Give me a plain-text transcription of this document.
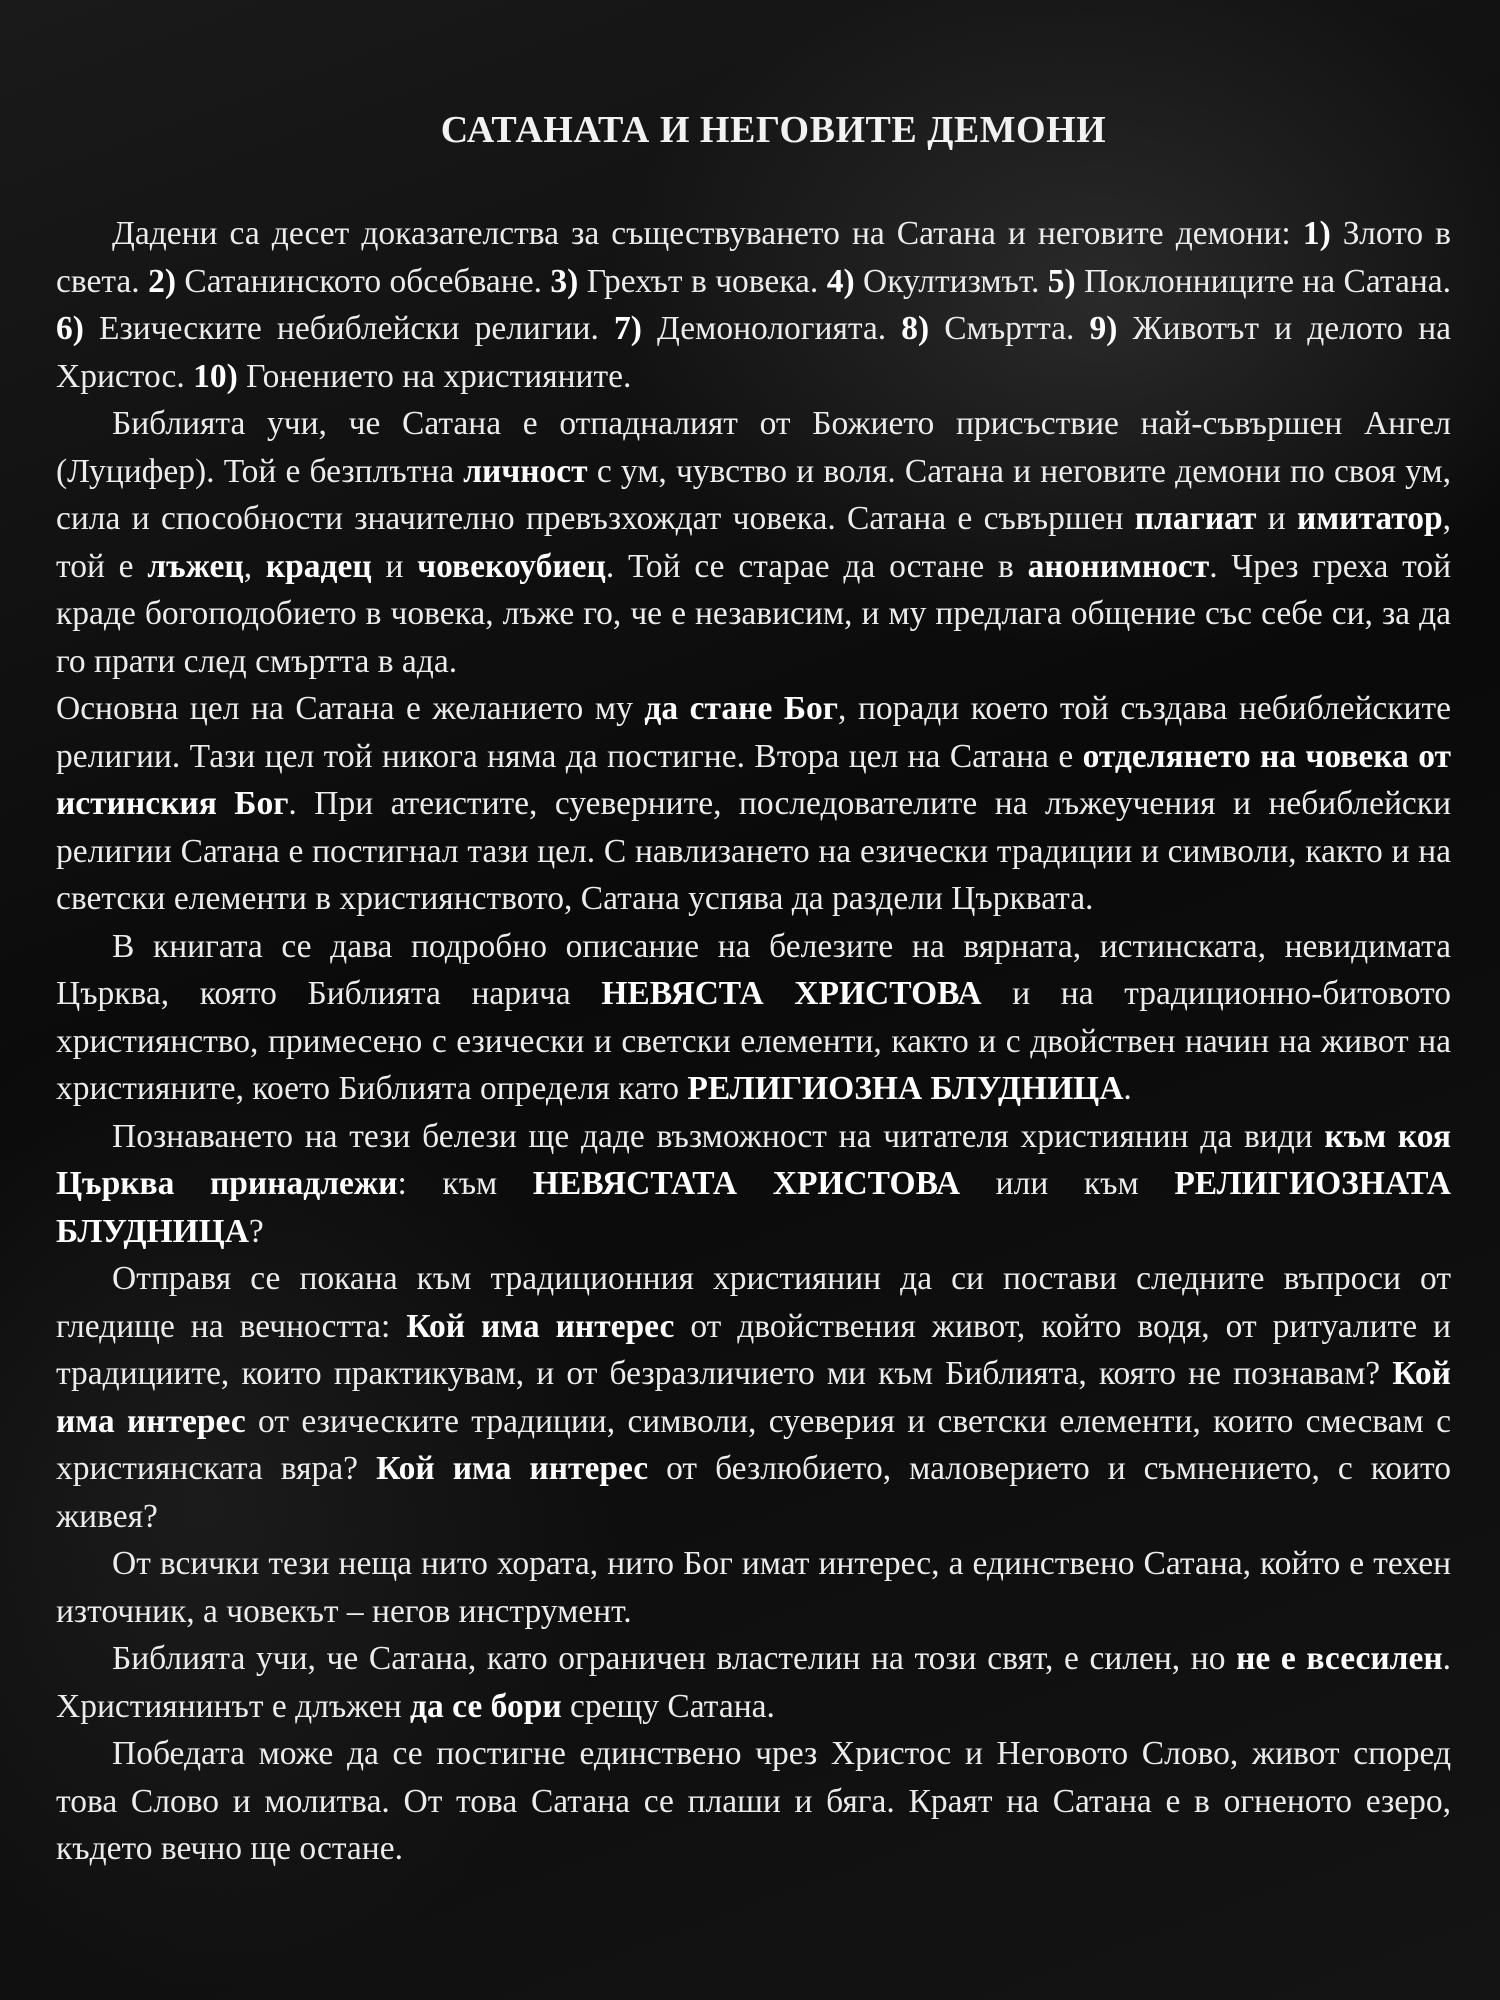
САТАНАТА И НЕГОВИТЕ ДЕМОНИ

Дадени са десет доказателства за съществуването на Сатана и неговите демони: 1) Злото в света. 2) Сатанинското обсебване. 3) Грехът в човека. 4) Окултизмът. 5) Поклонниците на Сатана. 6) Езическите небиблейски религии. 7) Демонологията. 8) Смъртта. 9) Животът и делото на Христос. 10) Гонението на християните.

Библията учи, че Сатана е отпадналият от Божието присъствие най-съвършен Ангел (Луцифер). Той е безплътна личност с ум, чувство и воля. Сатана и неговите демони по своя ум, сила и способности значително превъзхождат човека. Сатана е съвършен плагиат и имитатор, той е лъжец, крадец и човекоубиец. Той се старае да остане в анонимност. Чрез греха той краде богоподобието в човека, лъже го, че е независим, и му предлага общение със себе си, за да го прати след смъртта в ада.

Основна цел на Сатана е желанието му да стане Бог, поради което той създава небиблейските религии. Тази цел той никога няма да постигне. Втора цел на Сатана е отделянето на човека от истинския Бог. При атеистите, суеверните, последователите на лъжеучения и небиблейски религии Сатана е постигнал тази цел. С навлизането на езически традиции и символи, както и на светски елементи в християнството, Сатана успява да раздели Църквата.

В книгата се дава подробно описание на белезите на вярната, истинската, невидимата Църква, която Библията нарича НЕВЯСТА ХРИСТОВА и на традиционно-битовото християнство, примесено с езически и светски елементи, както и с двойствен начин на живот на християните, което Библията определя като РЕЛИГИОЗНА БЛУДНИЦА.

Познаването на тези белези ще даде възможност на читателя християнин да види към коя Църква принадлежи: към НЕВЯСТАТА ХРИСТОВА или към РЕЛИГИОЗНАТА БЛУДНИЦА?

Отправя се покана към традиционния християнин да си постави следните въпроси от гледище на вечността: Кой има интерес от двойствения живот, който водя, от ритуалите и традициите, които практикувам, и от безразличието ми към Библията, която не познавам? Кой има интерес от езическите традиции, символи, суеверия и светски елементи, които смесвам с християнската вяра? Кой има интерес от безлюбието, маловерието и съмнението, с които живея?

От всички тези неща нито хората, нито Бог имат интерес, а единствено Сатана, който е техен източник, а човекът – негов инструмент.

Библията учи, че Сатана, като ограничен властелин на този свят, е силен, но не е всесилен. Християнинът е длъжен да се бори срещу Сатана.

Победата може да се постигне единствено чрез Христос и Неговото Слово, живот според това Слово и молитва. От това Сатана се плаши и бяга. Краят на Сатана е в огненото езеро, където вечно ще остане.
